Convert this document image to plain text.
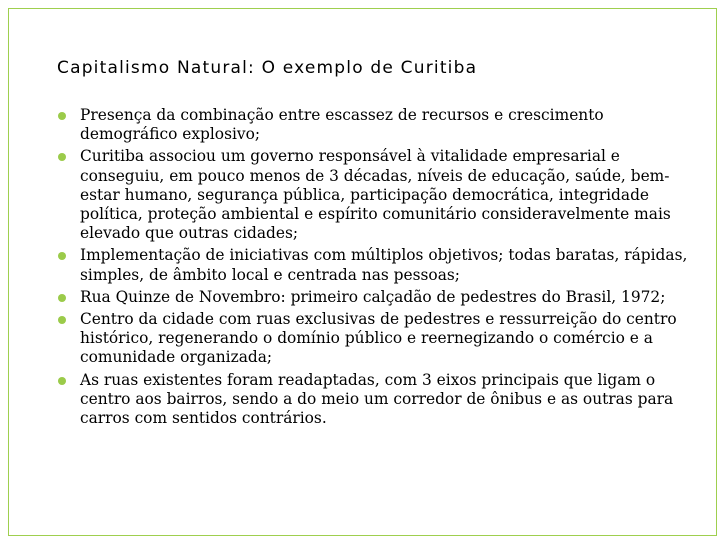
Capitalismo Natural: O exemplo de Curitiba
Presença da combinação entre escassez de recursos e crescimento demográfico explosivo;
Curitiba associou um governo responsável à vitalidade empresarial e conseguiu, em pouco menos de 3 décadas, níveis de educação, saúde, bem-estar humano, segurança pública, participação democrática, integridade política, proteção ambiental e espírito comunitário consideravelmente mais elevado que outras cidades;
Implementação de iniciativas com múltiplos objetivos; todas baratas, rápidas, simples, de âmbito local e centrada nas pessoas;
Rua Quinze de Novembro: primeiro calçadão de pedestres do Brasil, 1972;
Centro da cidade com ruas exclusivas de pedestres e ressurreição do centro histórico, regenerando o domínio público e reernegizando o comércio e a comunidade organizada;
As ruas existentes foram readaptadas, com 3 eixos principais que ligam o centro aos bairros, sendo a do meio um corredor de ônibus e as outras para carros com sentidos contrários.
